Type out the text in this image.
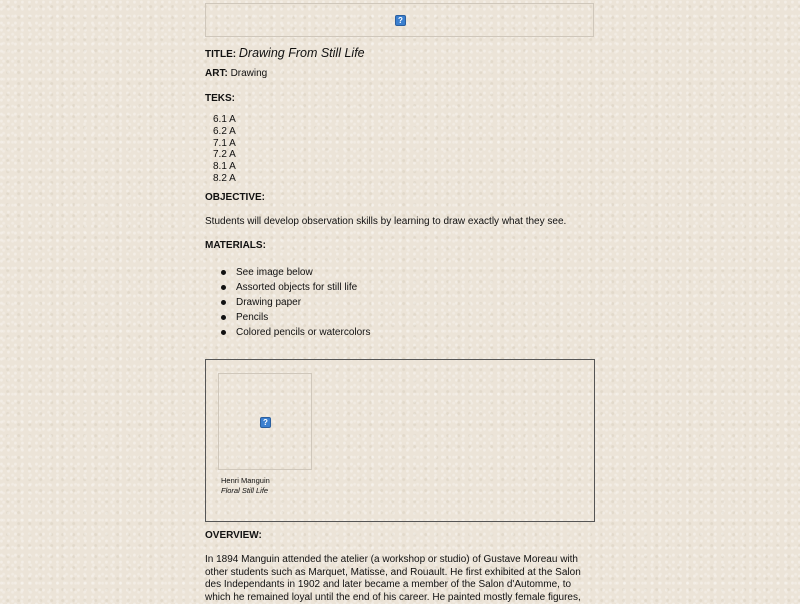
?
TITLE: Drawing From Still Life
ART: Drawing
TEKS:
6.1 A
6.2 A
7.1 A
7.2 A
8.1 A
8.2 A
OBJECTIVE:
Students will develop observation skills by learning to draw exactly what they see.
MATERIALS:
See image below
Assorted objects for still life
Drawing paper
Pencils
Colored pencils or watercolors
?
Henri Manguin
Floral Still Life
OVERVIEW:
In 1894 Manguin attended the atelier (a workshop or studio) of Gustave Moreau with other students such as Marquet, Matisse, and Rouault. He first exhibited at the Salon des Independants in 1902 and later became a member of the Salon d'Automme, to which he remained loyal until the end of his career. He painted mostly female figures,
